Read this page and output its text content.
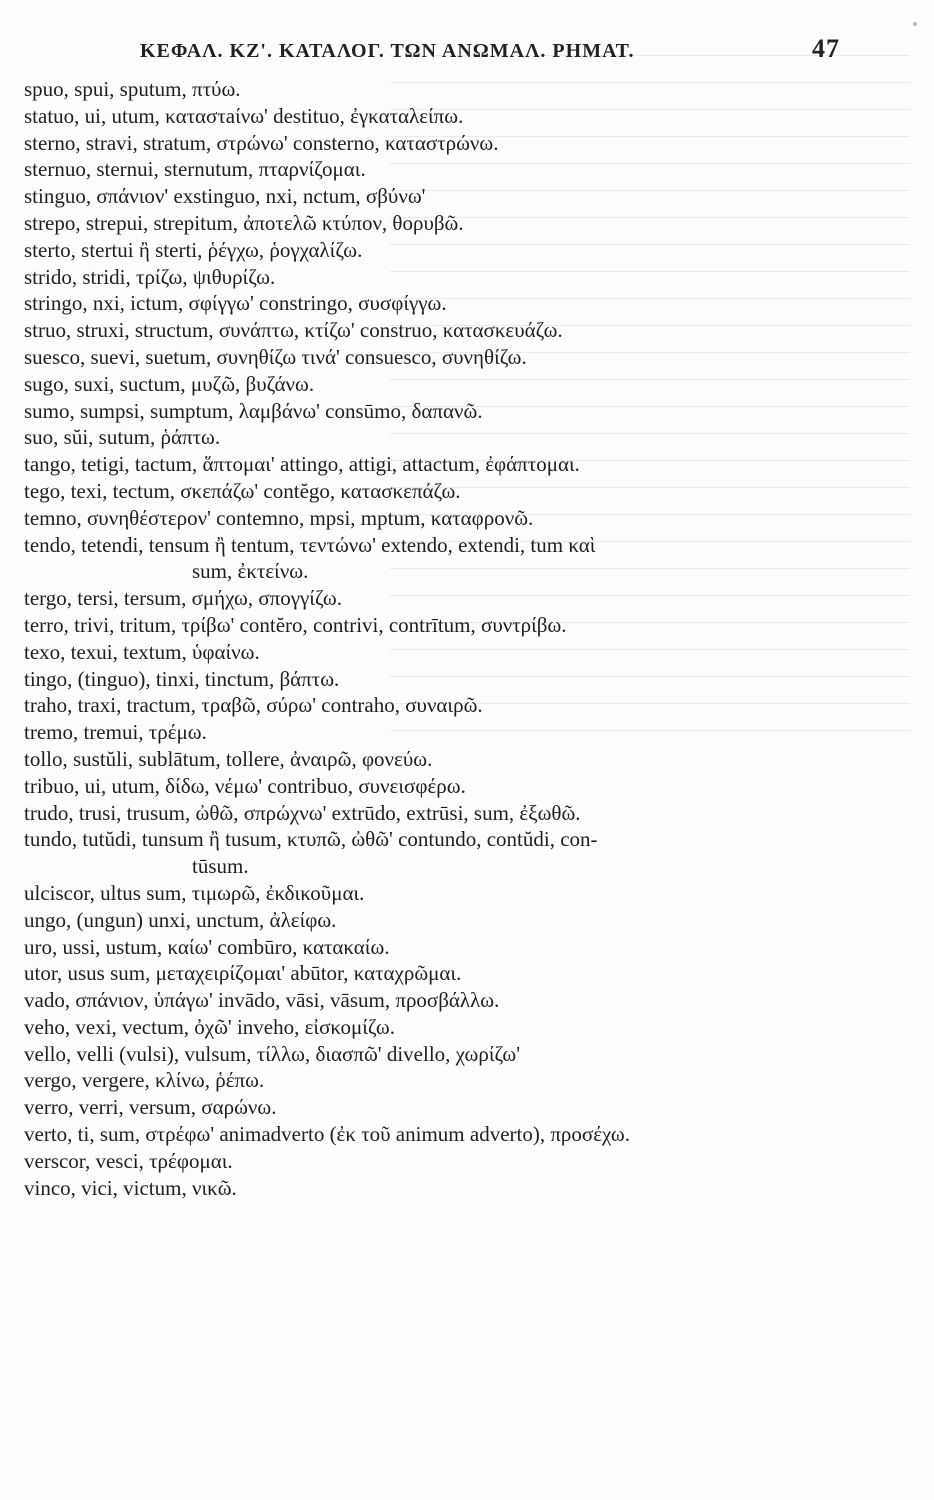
ΚΕΦΑΛ. ΚΖ'. ΚΑΤΑΛΟΓ. ΤΩΝ ΑΝΩΜΑΛ. ΡΗΜΑΤ.	47
spuo, spui, sputum, πτύω.
statuo, ui, utum, καταστaίνω' destituo, ἐγκαταλείπω.
sterno, stravi, stratum, στρώνω' consterno, καταστρώνω.
sternuo, sternui, sternutum, πταρνίζομαι.
stinguo, σπάνιον' exstinguo, nxi, nctum, σβύνω'
strepo, strepui, strepitum, ἀποτελῶ κτύπον, θορυβῶ.
sterto, stertui ἢ sterti, ῥέγχω, ῥογχαλίζω.
strido, stridi, τρίζω, ψιθυρίζω.
stringo, nxi, ictum, σφίγγω' constringo, συσφίγγω.
struo, struxi, structum, συνάπτω, κτίζω' construo, κατασκευάζω.
suesco, suevi, suetum, συνηθίζω τινά' consuesco, συνηθίζω.
sugo, suxi, suctum, μυζῶ, βυζάνω.
sumo, sumpsi, sumptum, λαμβάνω' consūmo, δαπανῶ.
suo, sŭi, sutum, ῥάπτω.
tango, tetigi, tactum, ἅπτομαι' attingo, attigi, attactum, ἐφάπτομαι.
tego, texi, tectum, σκεπάζω' contĕgo, κατασκεπάζω.
temno, συνηθέστερον' contemno, mpsi, mptum, καταφρονῶ.
tendo, tetendi, tensum ἢ tentum, τεντώνω' extendo, extendi, tum καὶ
sum, ἐκτείνω.
tergo, tersi, tersum, σμήχω, σπογγίζω.
terro, trivi, tritum, τρίβω' contĕro, contrivi, contrītum, συντρίβω.
texo, texui, textum, ὑφαίνω.
tingo, (tinguo), tinxi, tinctum, βάπτω.
traho, traxi, tractum, τραβῶ, σύρω' contraho, συναιρῶ.
tremo, tremui, τρέμω.
tollo, sustŭli, sublātum, tollere, ἀναιρῶ, φονεύω.
tribuo, ui, utum, δίδω, νέμω' contribuo, συνεισφέρω.
trudo, trusi, trusum, ὠθῶ, σπρώχνω' extrūdo, extrūsi, sum, ἐξωθῶ.
tundo, tutŭdi, tunsum ἢ tusum, κτυπῶ, ὠθῶ' contundo, contŭdi, con-
tūsum.
ulciscor, ultus sum, τιμωρῶ, ἐκδικοῦμαι.
ungo, (ungun) unxi, unctum, ἀλείφω.
uro, ussi, ustum, καίω' combūro, κατακαίω.
utor, usus sum, μεταχειρίζομαι' abūtor, καταχρῶμαι.
vado, σπάνιον, ὑπάγω' invādo, vāsi, vāsum, προσβάλλω.
veho, vexi, vectum, ὀχῶ' inveho, εἰσκομίζω.
vello, velli (vulsi), vulsum, τίλλω, διασπῶ' divello, χωρίζω'
vergo, vergere, κλίνω, ῥέπω.
verro, verri, versum, σαρώνω.
verto, ti, sum, στρέφω' animadverto (ἐκ τοῦ animum adverto), προσέχω.
verscor, vesci, τρέφομαι.
vinco, vici, victum, νικῶ.
